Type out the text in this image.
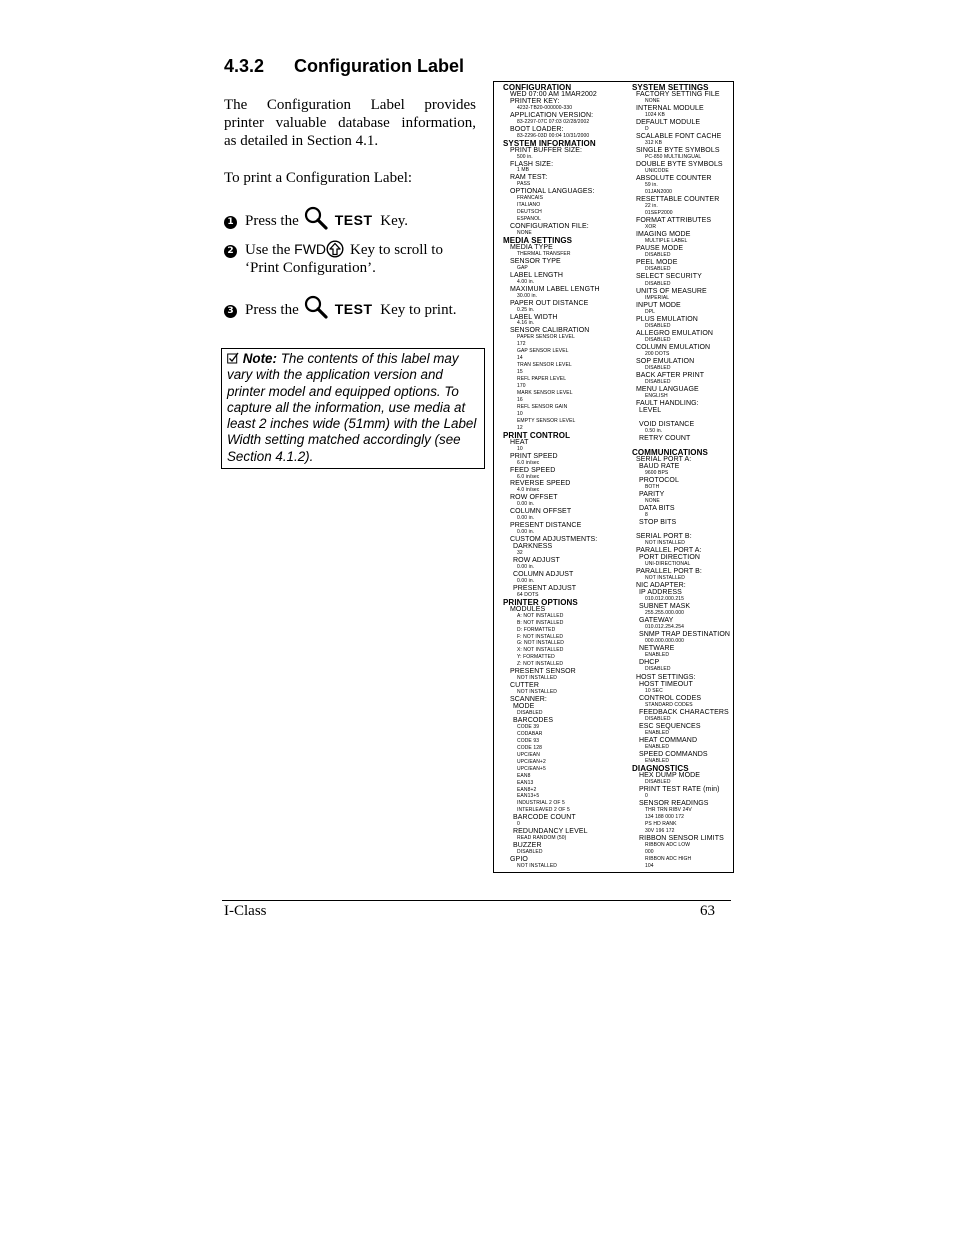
4.3.2 Configuration Label

The Configuration Label provides
printer valuable database information,

as detailed in Section 4.1.

To print a Configuration Label:
1 Press the	TEST Key.
2 Use the FWD Key to scroll to
‘Print Configuration’.
3 Press the	TEST Key to print.
Note: The contents of this label may vary with the application version and printer model and equipped options. To capture all the information, use media at least 2 inches wide (51mm) with the Label Width setting matched accordingly (see Section 4.1.2).
CONFIGURATION
WED 07:00 AM 1MAR2002
PRINTER KEY:
4232-TB20-000000-330
APPLICATION VERSION:
83-2297-07C 07:03 02/28/2002
BOOT LOADER:
83-2296-03D 00:04 10/31/2000
SYSTEM INFORMATION
PRINT BUFFER SIZE:
500 in.
FLASH SIZE:
1 MB
RAM TEST:
PASS
OPTIONAL LANGUAGES:
FRANCAIS
ITALIANO
DEUTSCH
ESPANOL
CONFIGURATION FILE:
NONE
MEDIA SETTINGS
MEDIA TYPE
THERMAL TRANSFER
SENSOR TYPE
GAP
LABEL LENGTH
4.00 in.
MAXIMUM LABEL LENGTH
30.00 in.
PAPER OUT DISTANCE
0.25 in.
LABEL WIDTH
4.16 in.
SENSOR CALIBRATION
PAPER SENSOR LEVEL
172
GAP SENSOR LEVEL
14
TRAN SENSOR LEVEL
15
REFL PAPER LEVEL
170
MARK SENSOR LEVEL
16
REFL SENSOR GAIN
10
EMPTY SENSOR LEVEL
12
PRINT CONTROL
HEAT
10
PRINT SPEED
6.0 in/sec
FEED SPEED
6.0 in/sec
REVERSE SPEED
4.0 in/sec
ROW OFFSET
0.00 in.
COLUMN OFFSET
0.00 in.
PRESENT DISTANCE
0.00 in.
CUSTOM ADJUSTMENTS:
DARKNESS
32
ROW ADJUST
0.00 in.
COLUMN ADJUST
0.00 in.
PRESENT ADJUST
64 DOTS
PRINTER OPTIONS
MODULES
A: NOT INSTALLED
B: NOT INSTALLED
D: FORMATTED
F: NOT INSTALLED
G: NOT INSTALLED
X: NOT INSTALLED
Y: FORMATTED
Z: NOT INSTALLED
PRESENT SENSOR
NOT INSTALLED
CUTTER
NOT INSTALLED
SCANNER:
MODE
DISABLED
BARCODES
CODE 39
CODABAR
CODE 93
CODE 128
UPC/EAN
UPC/EAN+2
UPC/EAN+5
EAN8
EAN13
EAN8+2
EAN13+5
INDUSTRIAL 2 OF 5
INTERLEAVED 2 OF 5
BARCODE COUNT
0
REDUNDANCY LEVEL
READ RANDOM (50)
BUZZER
DISABLED
GPIO
NOT INSTALLED
SYSTEM SETTINGS
FACTORY SETTING FILE
NONE
INTERNAL MODULE
1024 KB
DEFAULT MODULE
D
SCALABLE FONT CACHE
312 KB
SINGLE BYTE SYMBOLS
PC-850 MULTILINGUAL
DOUBLE BYTE SYMBOLS
UNICODE
ABSOLUTE COUNTER
59 in.
01JAN2000
RESETTABLE COUNTER
22 in.
01SEP2000
FORMAT ATTRIBUTES
XOR
IMAGING MODE
MULTIPLE LABEL
PAUSE MODE
DISABLED
PEEL MODE
DISABLED
SELECT SECURITY
DISABLED
UNITS OF MEASURE
IMPERIAL
INPUT MODE
DPL
PLUS EMULATION
DISABLED
ALLEGRO EMULATION
DISABLED
COLUMN EMULATION
200 DOTS
SOP EMULATION
DISABLED
BACK AFTER PRINT
DISABLED
MENU LANGUAGE
ENGLISH
FAULT HANDLING:
LEVEL
VOID DISTANCE
0.50 in.
RETRY COUNT
COMMUNICATIONS
SERIAL PORT A:
BAUD RATE
9600 BPS
PROTOCOL
BOTH
PARITY
NONE
DATA BITS
8
STOP BITS
SERIAL PORT B:
NOT INSTALLED
PARALLEL PORT A:
PORT DIRECTION
UNI-DIRECTIONAL
PARALLEL PORT B:
NOT INSTALLED
NIC ADAPTER:
IP ADDRESS
010.012.000.215
SUBNET MASK
255.255.000.000
GATEWAY
010.012.254.254
SNMP TRAP DESTINATION
000.000.000.000
NETWARE
ENABLED
DHCP
DISABLED
HOST SETTINGS:
HOST TIMEOUT
10 SEC
CONTROL CODES
STANDARD CODES
FEEDBACK CHARACTERS
DISABLED
ESC SEQUENCES
ENABLED
HEAT COMMAND
ENABLED
SPEED COMMANDS
ENABLED
DIAGNOSTICS
HEX DUMP MODE
DISABLED
PRINT TEST RATE (min)
0
SENSOR READINGS
THR TRN RIBV 24V
134 188 000 172
PS HD RANK
30V 196 172
RIBBON SENSOR LIMITS
RIBBON ADC LOW
000
RIBBON ADC HIGH
104
I-Class	63
